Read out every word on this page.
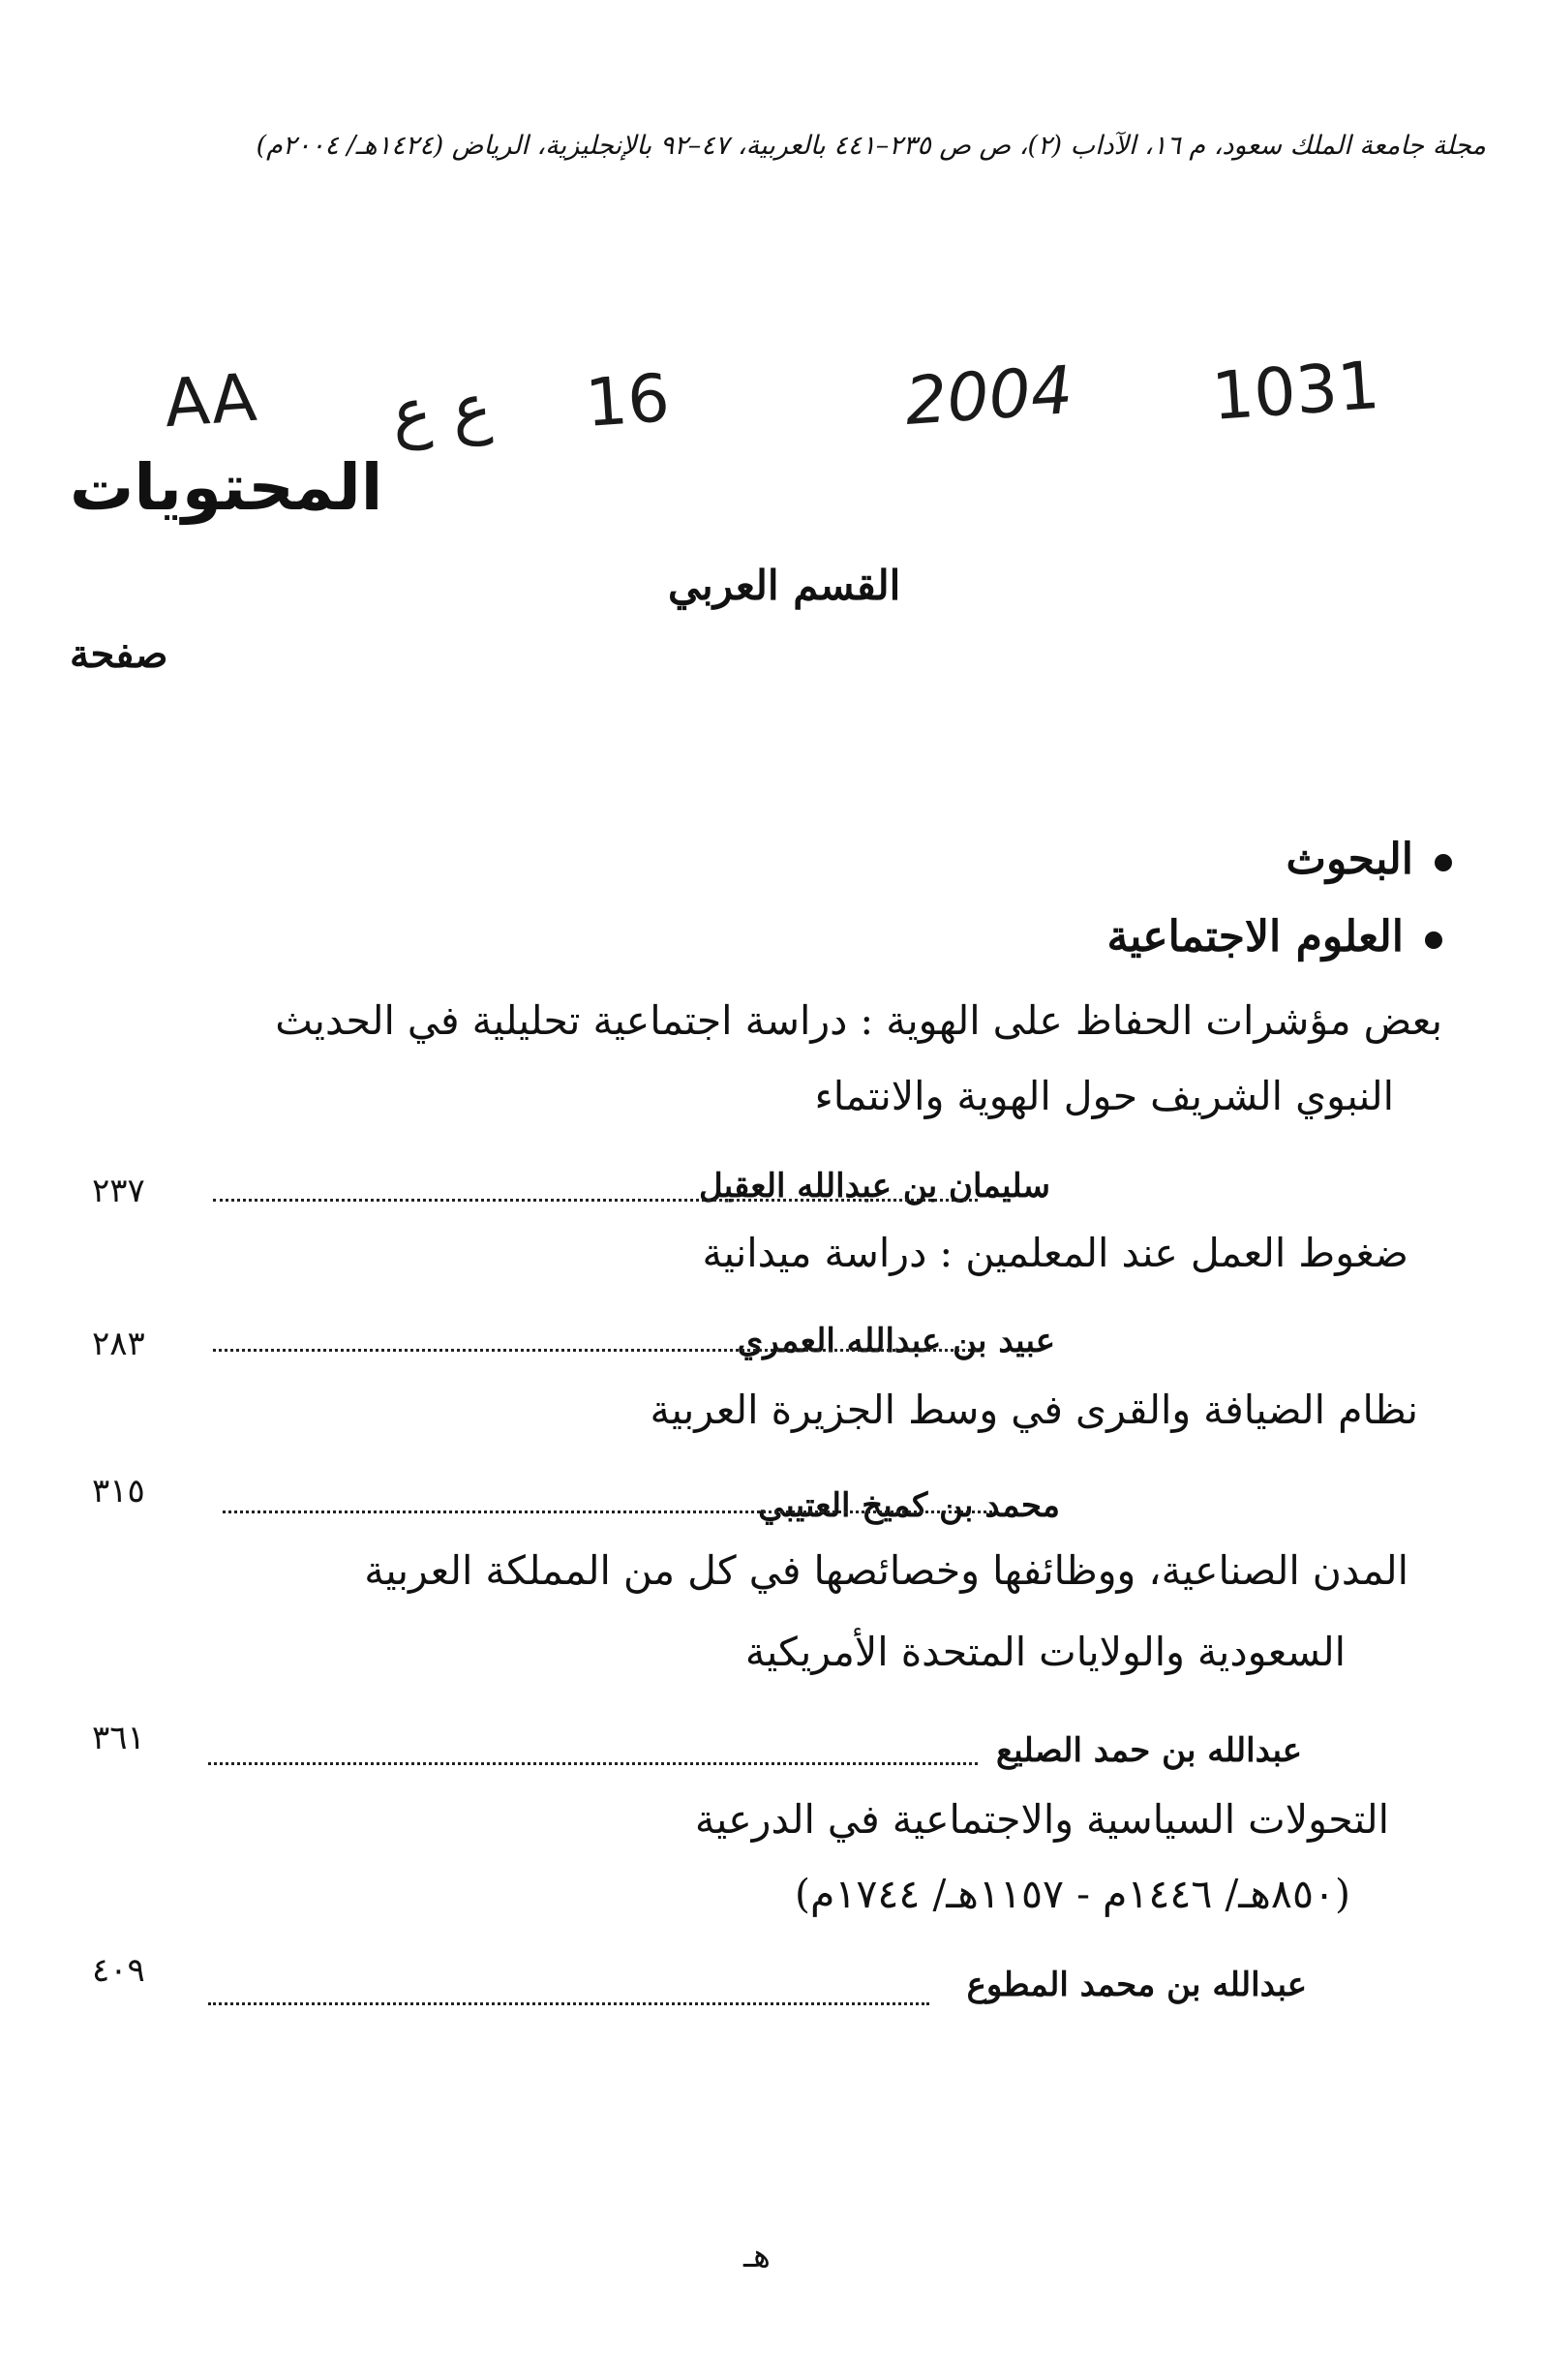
مجلة جامعة الملك سعود، م ١٦، الآداب (٢)، ص ص ٢٣٥–٤٤١ بالعربية، ٤٧–٩٢ بالإنجليزية، الرياض (١٤٢٤هـ/ ٢٠٠٤م)
AA ع ع 16	2004 1031
المحتويات
القسم العربي
صفحة
البحوث
العلوم الاجتماعية
بعض مؤشرات الحفاظ على الهوية : دراسة اجتماعية تحليلية في الحديث
النبوي الشريف حول الهوية والانتماء
سليمان بن عبدالله العقيل
٢٣٧
ضغوط العمل عند المعلمين : دراسة ميدانية
عبيد بن عبدالله العمري
٢٨٣
نظام الضيافة والقرى في وسط الجزيرة العربية
محمد بن كميخ العتيبي
٣١٥
المدن الصناعية، ووظائفها وخصائصها في كل من المملكة العربية
السعودية والولايات المتحدة الأمريكية
عبدالله بن حمد الصليع
٣٦١
التحولات السياسية والاجتماعية في الدرعية
(٨٥٠هـ/ ١٤٤٦م - ١١٥٧هـ/ ١٧٤٤م)
عبدالله بن محمد المطوع
٤٠٩
هـ
